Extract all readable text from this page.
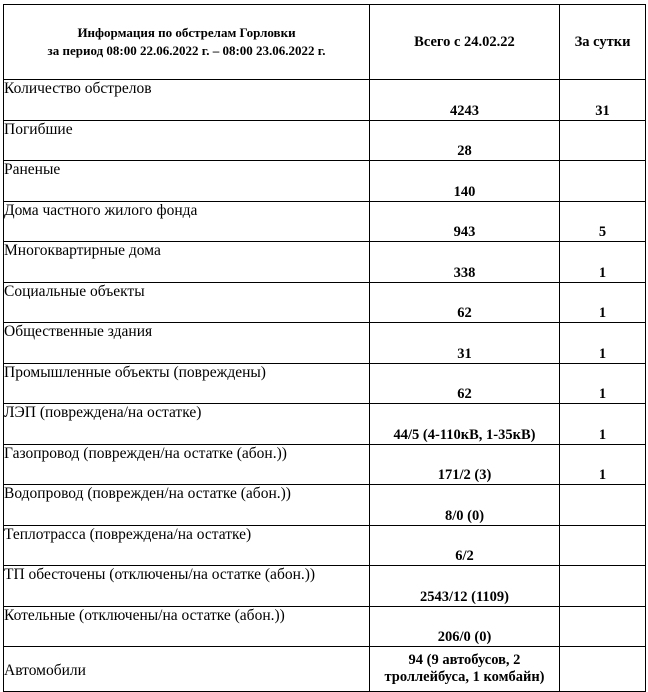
Информация по обстрелам Горловки
за период 08:00 22.06.2022 г. – 08:00 23.06.2022 г.	Всего с 24.02.22	За сутки
Количество обстрелов	4243	31
Погибшие	28	
Раненые	140	
Дома частного жилого фонда	943	5
Многоквартирные дома	338	1
Социальные объекты	62	1
Общественные здания	31	1
Промышленные объекты (повреждены)	62	1
ЛЭП (повреждена/на остатке)	44/5 (4-110кВ, 1-35кВ)	1
Газопровод (поврежден/на остатке (абон.))	171/2 (3)	1
Водопровод (поврежден/на остатке (абон.))	8/0 (0)	
Теплотрасса (повреждена/на остатке)	6/2	
ТП обесточены (отключены/на остатке (абон.))	2543/12 (1109)	
Котельные (отключены/на остатке (абон.))	206/0 (0)	
Автомобили	94 (9 автобусов, 2 троллейбуса, 1 комбайн)	
